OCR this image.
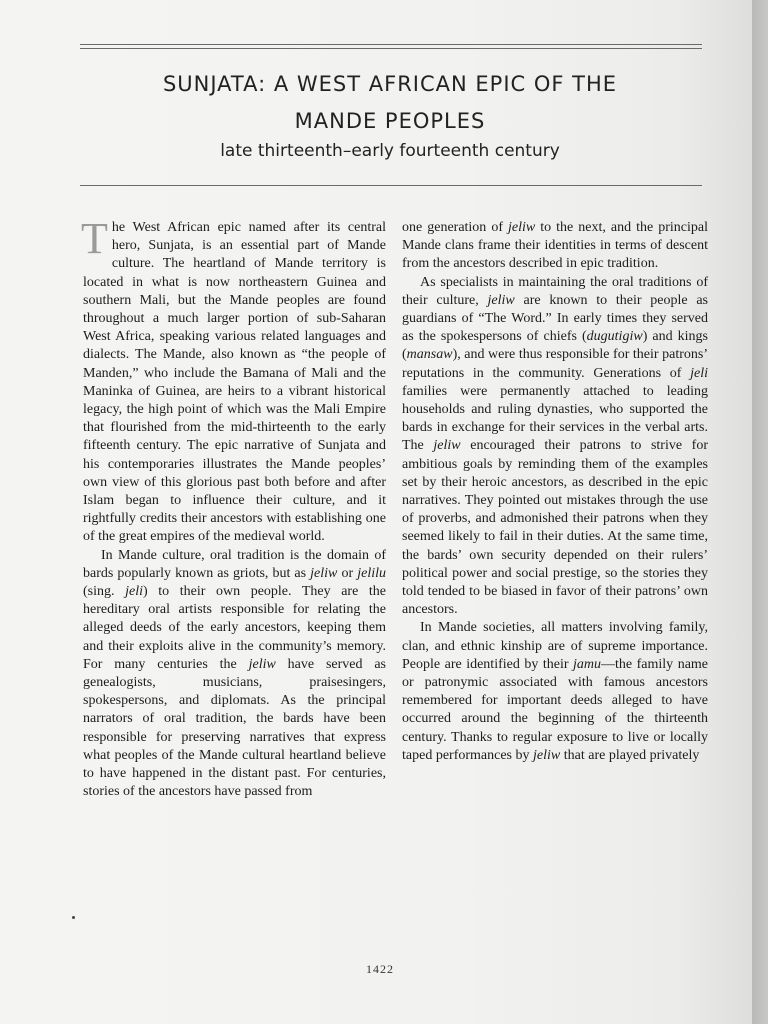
SUNJATA: A WEST AFRICAN EPIC OF THE
MANDE PEOPLES
late thirteenth–early fourteenth century

The West African epic named after its central hero, Sunjata, is an essential part of Mande culture. The heartland of Mande territory is located in what is now northeastern Guinea and southern Mali, but the Mande peoples are found throughout a much larger portion of sub-Saharan West Africa, speaking various related languages and dialects. The Mande, also known as “the people of Manden,” who include the Bamana of Mali and the Maninka of Guinea, are heirs to a vibrant historical legacy, the high point of which was the Mali Empire that flourished from the mid-thirteenth to the early fifteenth century. The epic narrative of Sunjata and his contemporaries illustrates the Mande peoples’ own view of this glorious past both before and after Islam began to influence their culture, and it rightfully credits their ancestors with establishing one of the great empires of the medieval world.

In Mande culture, oral tradition is the domain of bards popularly known as griots, but as jeliw or jelilu (sing. jeli) to their own people. They are the hereditary oral artists responsible for relating the alleged deeds of the early ancestors, keeping them and their exploits alive in the community’s memory. For many centuries the jeliw have served as genealogists, musicians, praisesingers, spokespersons, and diplomats. As the principal narrators of oral tradition, the bards have been responsible for preserving narratives that express what peoples of the Mande cultural heartland believe to have happened in the distant past. For centuries, stories of the ancestors have passed from

one generation of jeliw to the next, and the principal Mande clans frame their identities in terms of descent from the ancestors described in epic tradition.

As specialists in maintaining the oral traditions of their culture, jeliw are known to their people as guardians of “The Word.” In early times they served as the spokespersons of chiefs (dugutigiw) and kings (mansaw), and were thus responsible for their patrons’ reputations in the community. Generations of jeli families were permanently attached to leading households and ruling dynasties, who supported the bards in exchange for their services in the verbal arts. The jeliw encouraged their patrons to strive for ambitious goals by reminding them of the examples set by their heroic ancestors, as described in the epic narratives. They pointed out mistakes through the use of proverbs, and admonished their patrons when they seemed likely to fail in their duties. At the same time, the bards’ own security depended on their rulers’ political power and social prestige, so the stories they told tended to be biased in favor of their patrons’ own ancestors.

In Mande societies, all matters involving family, clan, and ethnic kinship are of supreme importance. People are identified by their jamu—the family name or patronymic associated with famous ancestors remembered for important deeds alleged to have occurred around the beginning of the thirteenth century. Thanks to regular exposure to live or locally taped performances by jeliw that are played privately

1422
